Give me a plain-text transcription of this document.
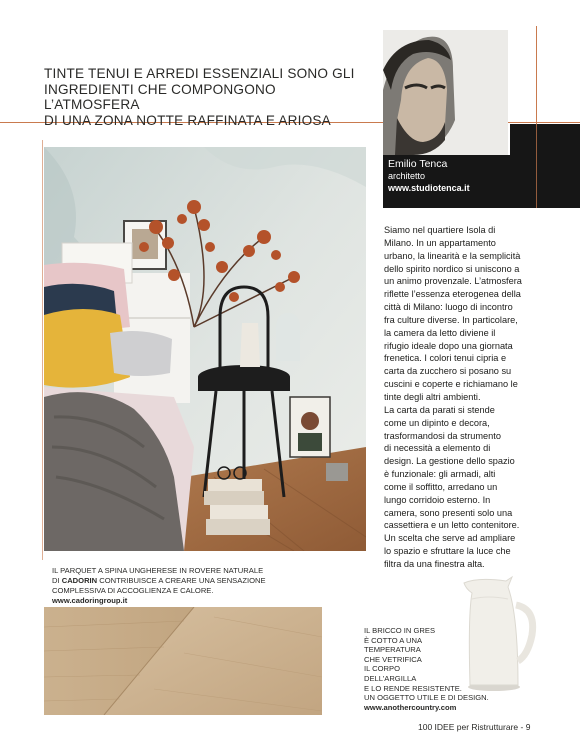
TINTE TENUI E ARREDI ESSENZIALI SONO GLI
INGREDIENTI CHE COMPONGONO L’ATMOSFERA
DI UNA ZONA NOTTE RAFFINATA E ARIOSA
Emilio Tenca
architetto
www.studiotenca.it
Siamo nel quartiere Isola di
Milano. In un appartamento
urbano, la linearità e la semplicità
dello spirito nordico si uniscono a
un animo provenzale. L’atmosfera
riflette l’essenza eterogenea della
città di Milano: luogo di incontro
fra culture diverse. In particolare,
la camera da letto diviene il
rifugio ideale dopo una giornata
frenetica. I colori tenui cipria e
carta da zucchero si posano su
cuscini e coperte e richiamano le
tinte degli altri ambienti.
La carta da parati si stende
come un dipinto e decora,
trasformandosi da strumento
di necessità a elemento di
design. La gestione dello spazio
è funzionale: gli armadi, alti
come il soffitto, arredano un
lungo corridoio esterno. In
camera, sono presenti solo una
cassettiera e un letto contenitore.
Un scelta che serve ad ampliare
lo spazio e sfruttare la luce che
filtra da una finestra alta.
IL PARQUET A SPINA UNGHERESE IN ROVERE NATURALE
DI CADORIN CONTRIBUISCE A CREARE UNA SENSAZIONE
COMPLESSIVA DI ACCOGLIENZA E CALORE.
www.cadoringroup.it
IL BRICCO IN GRES
È COTTO A UNA
TEMPERATURA
CHE VETRIFICA
IL CORPO
DELL’ARGILLA
E LO RENDE RESISTENTE.
UN OGGETTO UTILE E DI DESIGN.
www.anothercountry.com
100 IDEE per Ristrutturare - 9
